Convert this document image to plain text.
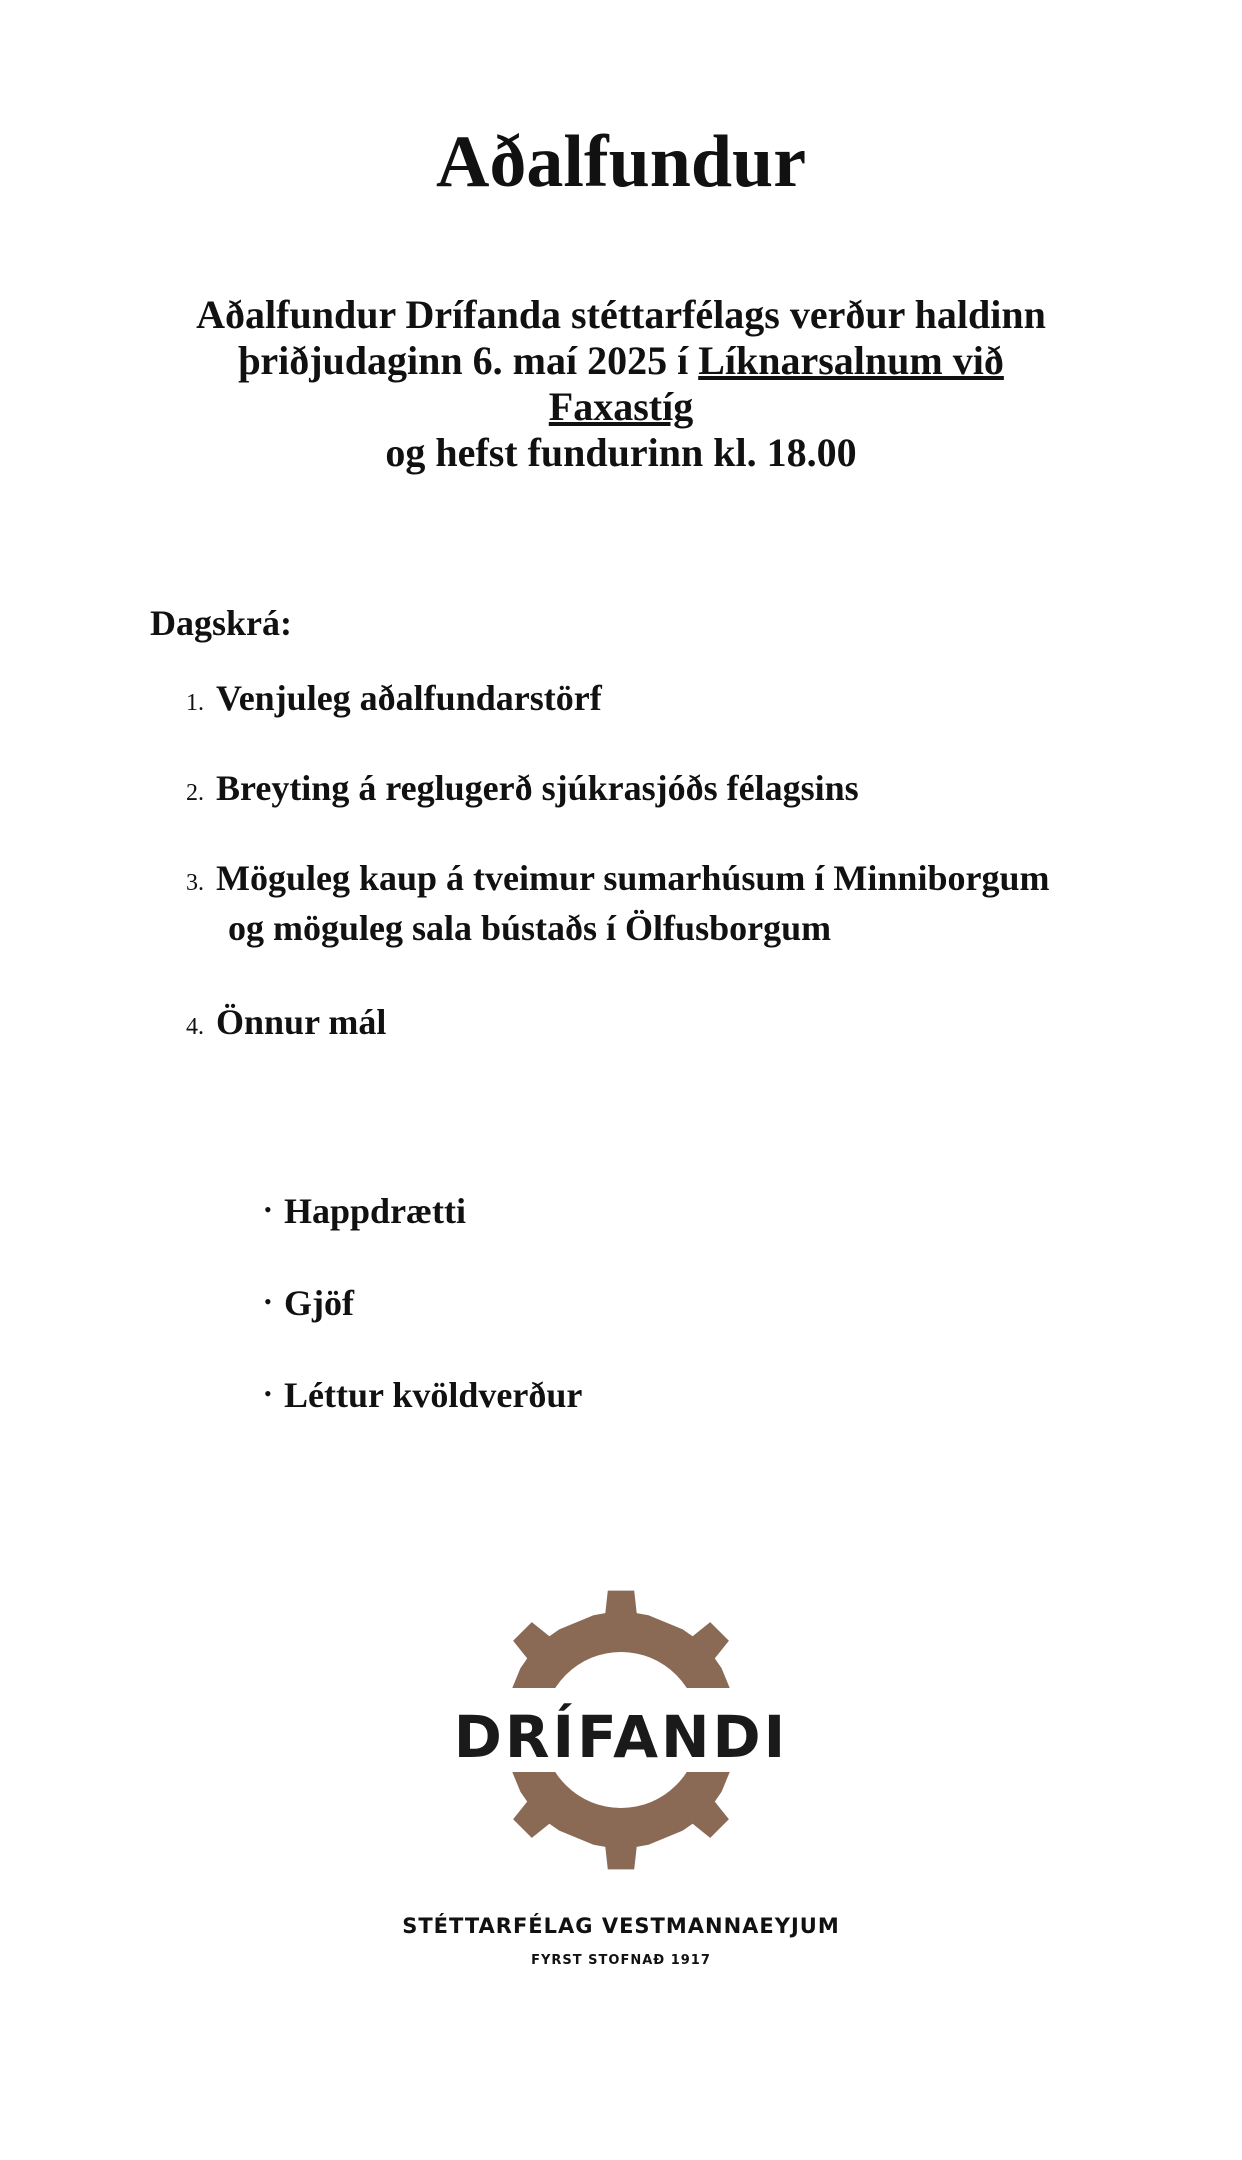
Aðalfundur
Aðalfundur Drífanda stéttarfélags verður haldinn
þriðjudaginn 6. maí 2025 í Líknarsalnum við
Faxastíg
og hefst fundurinn kl. 18.00

Dagskrá:

1. Venjuleg aðalfundarstörf
2. Breyting á reglugerð sjúkrasjóðs félagsins
3. Möguleg kaup á tveimur sumarhúsum í Minniborgum
og möguleg sala bústaðs í Ölfusborgum
4. Önnur mál
• Happdrætti
• Gjöf
• Léttur kvöldverður
DRÍFANDI

STÉTTARFÉLAG VESTMANNAEYJUM

FYRST STOFNAÐ 1917
